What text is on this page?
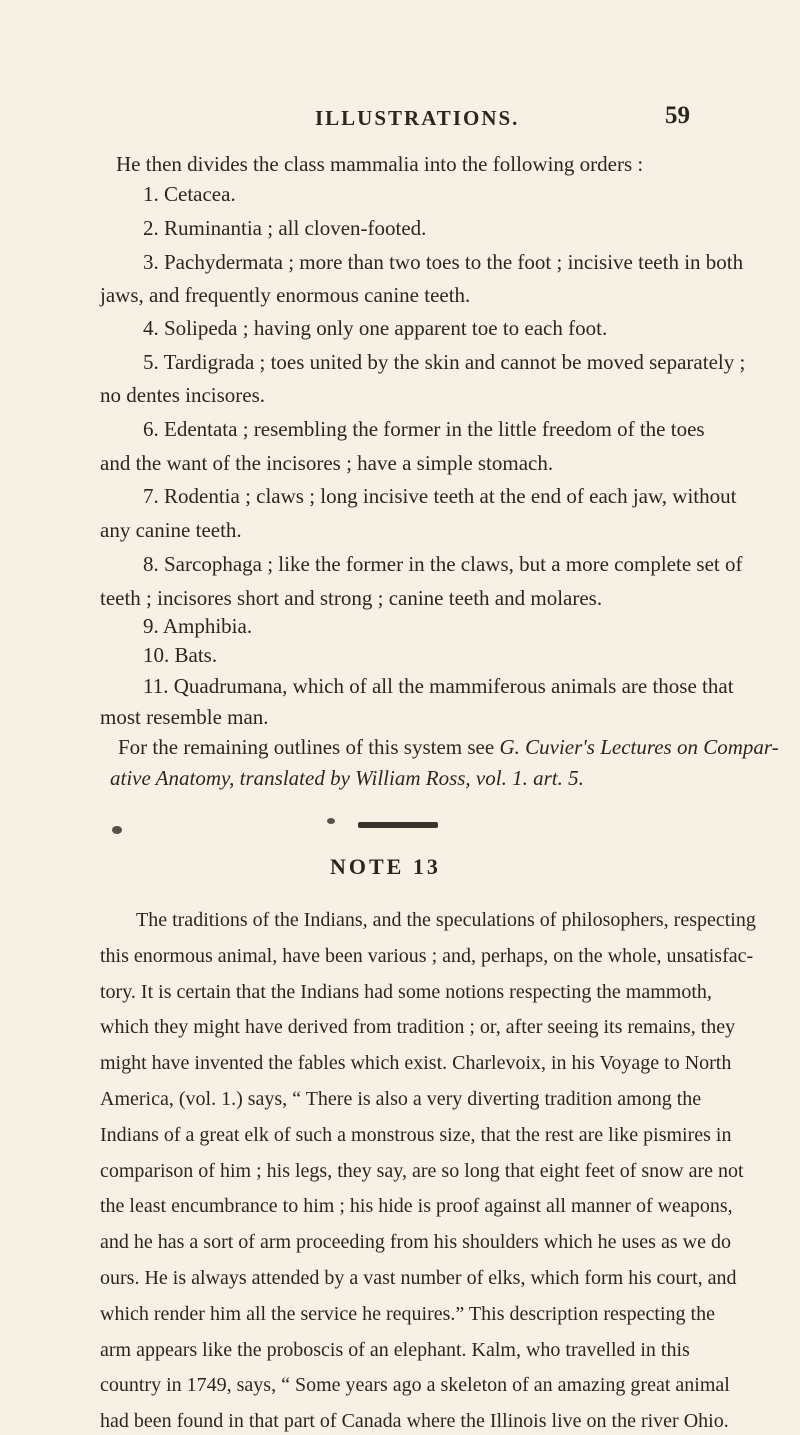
ILLUSTRATIONS.	59
He then divides the class mammalia into the following orders :
1. Cetacea.
2. Ruminantia ; all cloven-footed.
3. Pachydermata ; more than two toes to the foot ; incisive teeth in both
jaws, and frequently enormous canine teeth.
4. Solipeda ; having only one apparent toe to each foot.
5. Tardigrada ; toes united by the skin and cannot be moved separately ;
no dentes incisores.
6. Edentata ; resembling the former in the little freedom of the toes
and the want of the incisores ; have a simple stomach.
7. Rodentia ; claws ; long incisive teeth at the end of each jaw, without
any canine teeth.
8. Sarcophaga ; like the former in the claws, but a more complete set of
teeth ; incisores short and strong ; canine teeth and molares.
9. Amphibia.
10. Bats.
11. Quadrumana, which of all the mammiferous animals are those that
most resemble man.
For the remaining outlines of this system see G. Cuvier's Lectures on Compar-
ative Anatomy, translated by William Ross, vol. 1. art. 5.
NOTE 13
The traditions of the Indians, and the speculations of philosophers, respecting
this enormous animal, have been various ; and, perhaps, on the whole, unsatisfac-
tory. It is certain that the Indians had some notions respecting the mammoth,
which they might have derived from tradition ; or, after seeing its remains, they
might have invented the fables which exist. Charlevoix, in his Voyage to North
America, (vol. 1.) says, “ There is also a very diverting tradition among the
Indians of a great elk of such a monstrous size, that the rest are like pismires in
comparison of him ; his legs, they say, are so long that eight feet of snow are not
the least encumbrance to him ; his hide is proof against all manner of weapons,
and he has a sort of arm proceeding from his shoulders which he uses as we do
ours. He is always attended by a vast number of elks, which form his court, and
which render him all the service he requires.” This description respecting the
arm appears like the proboscis of an elephant. Kalm, who travelled in this
country in 1749, says, “ Some years ago a skeleton of an amazing great animal
had been found in that part of Canada where the Illinois live on the river Ohio.
